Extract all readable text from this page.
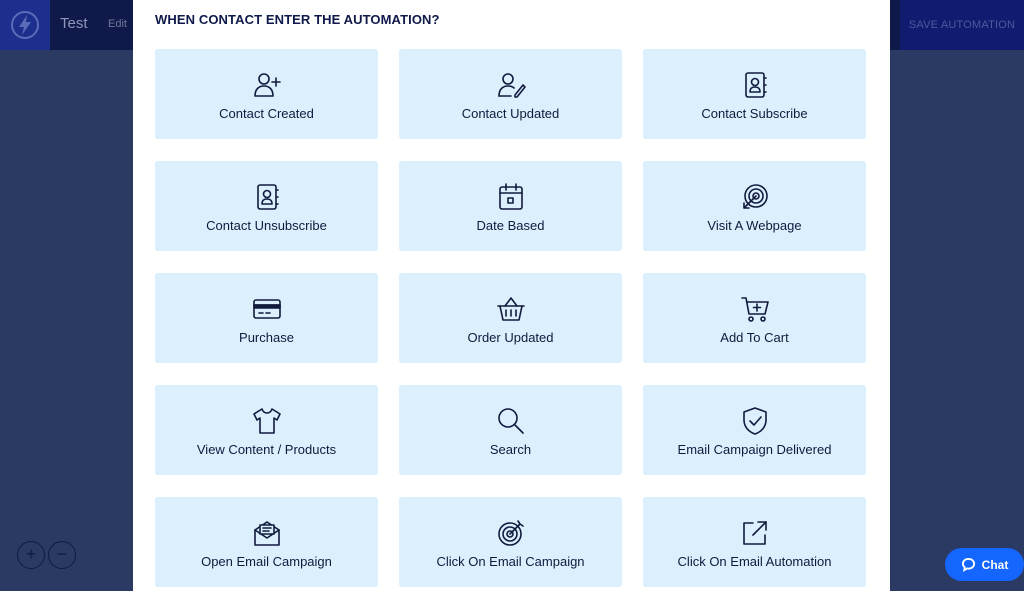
Test Edit	SAVE AUTOMATION
+	−
WHEN CONTACT ENTER THE AUTOMATION?
Contact Created	Contact Updated	Contact Subscribe
Contact Unsubscribe	Date Based	Visit A Webpage
Purchase	Order Updated	Add To Cart
View Content / Products	Search	Email Campaign Delivered
Open Email Campaign	Click On Email Campaign	Click On Email Automation	Chat
